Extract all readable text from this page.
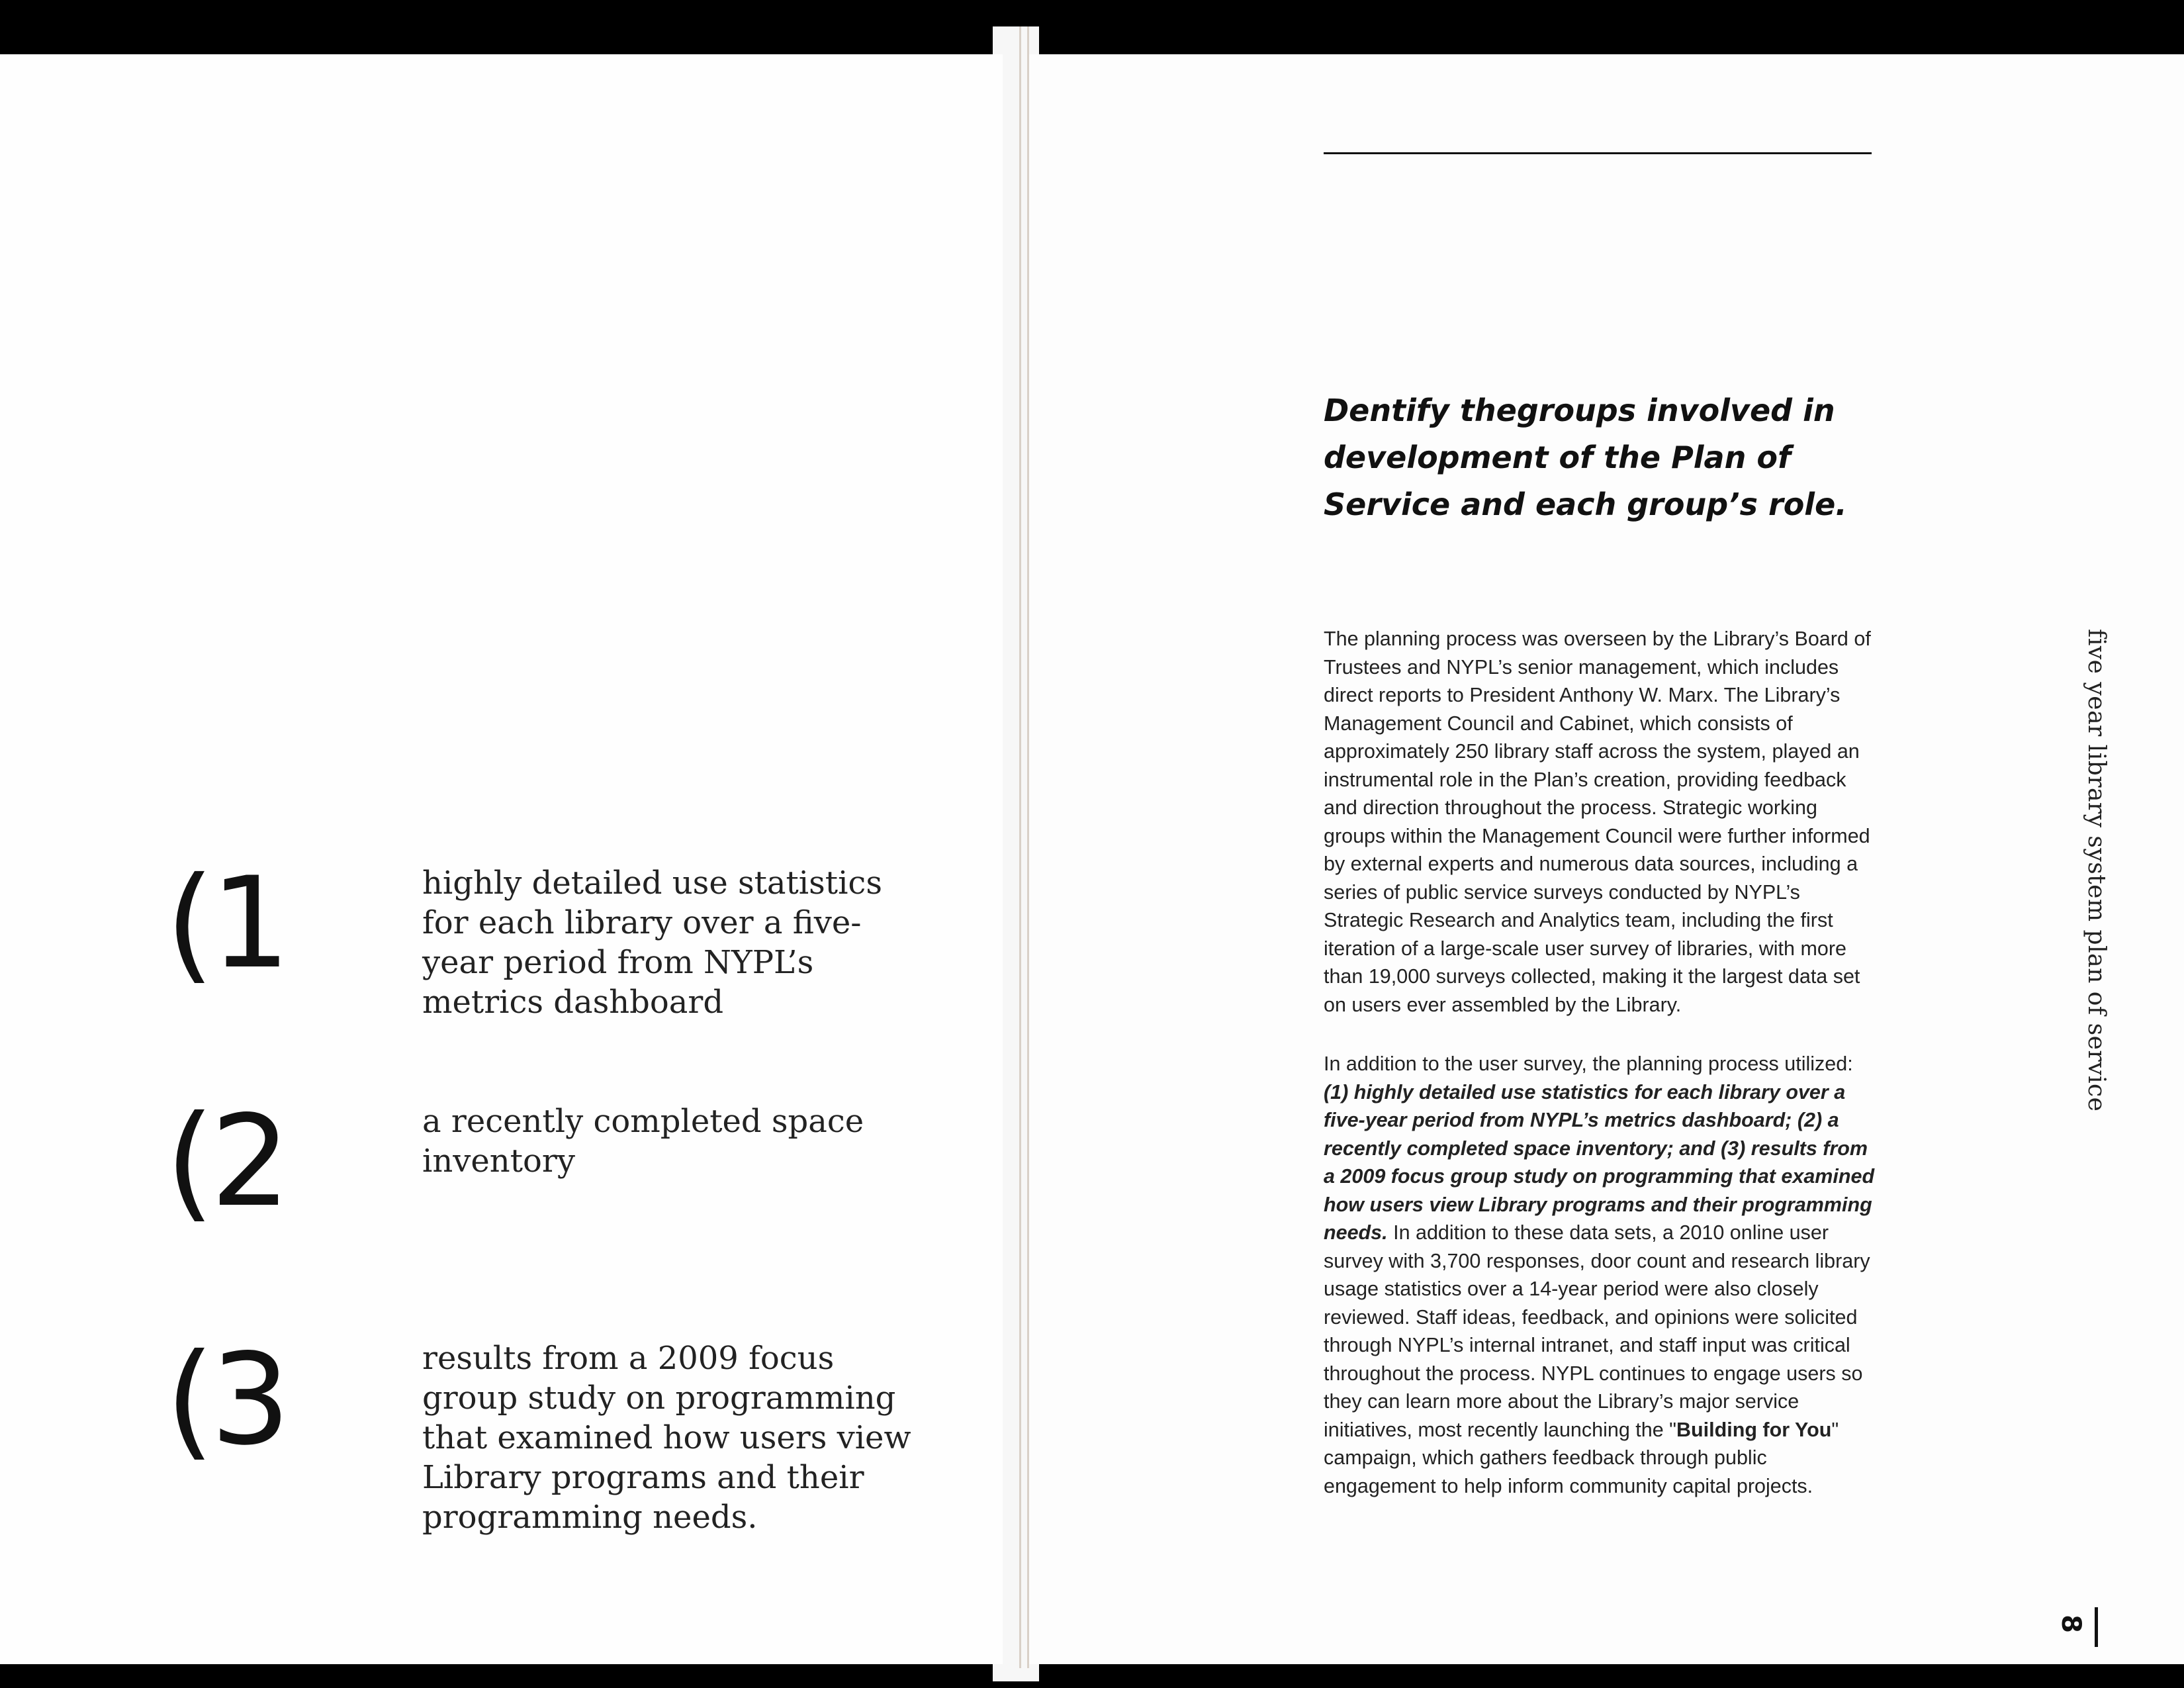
(1	highly detailed use statistics for each library over a five-year period from NYPL’s metrics dashboard
(2	a recently completed space inventory
(3	results from a 2009 focus group study on programming that examined how users view Library programs and their programming needs.
Dentify thegroups involved in development of the Plan of Service and each group’s role.
The planning process was overseen by the Library’s Board of Trustees and NYPL’s senior management, which includes direct reports to President Anthony W. Marx. The Library’s Management Council and Cabinet, which consists of approximately 250 library staff across the system, played an instrumental role in the Plan’s creation, providing feedback and direction throughout the process. Strategic working groups within the Management Council were further informed by external experts and numerous data sources, including a series of public service surveys conducted by NYPL’s Strategic Research and Analytics team, including the first iteration of a large-scale user survey of libraries, with more than 19,000 surveys collected, making it the largest data set on users ever assembled by the Library.
In addition to the user survey, the planning process utilized: (1) highly detailed use statistics for each library over a five-year period from NYPL’s metrics dashboard; (2) a recently completed space inventory; and (3) results from a 2009 focus group study on programming that examined how users view Library programs and their programming needs. In addition to these data sets, a 2010 online user survey with 3,700 responses, door count and research library usage statistics over a 14-year period were also closely reviewed. Staff ideas, feedback, and opinions were solicited through NYPL’s internal intranet, and staff input was critical throughout the process. NYPL continues to engage users so they can learn more about the Library’s major service initiatives, most recently launching the "Building for You" campaign, which gathers feedback through public engagement to help inform community capital projects.
five year library system plan of service
8
